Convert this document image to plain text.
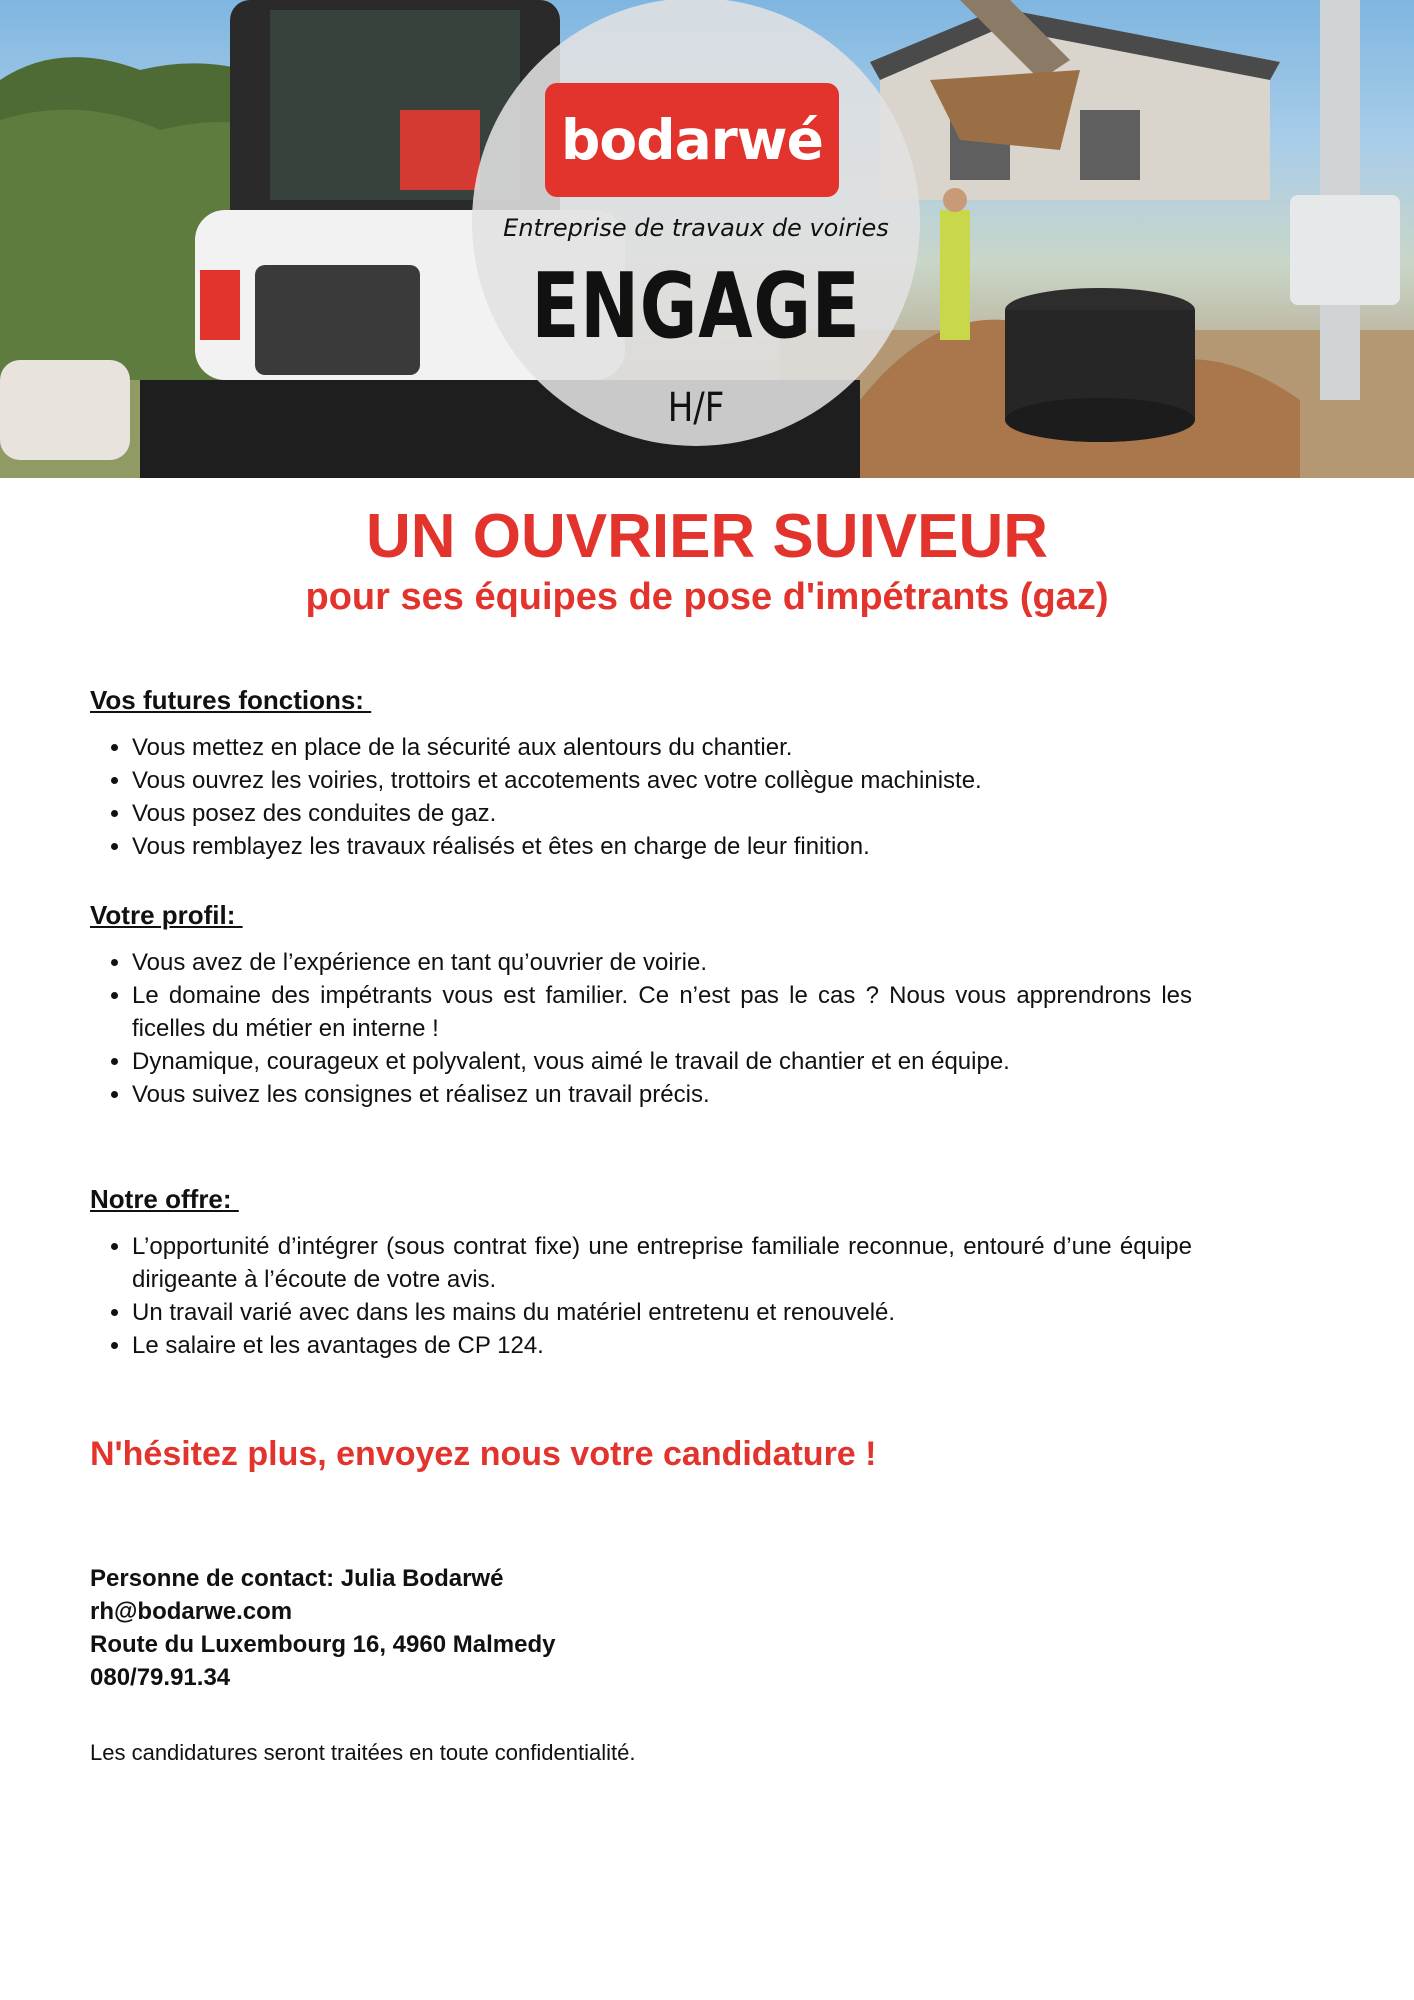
bodarwé
Entreprise de travaux de voiries
ENGAGE
H/F
UN OUVRIER SUIVEUR
pour ses équipes de pose d'impétrants (gaz)
Vos futures fonctions:
• Vous mettez en place de la sécurité aux alentours du chantier.
• Vous ouvrez les voiries, trottoirs et accotements avec votre collègue machiniste.
• Vous posez des conduites de gaz.
• Vous remblayez les travaux réalisés et êtes en charge de leur finition.
Votre profil:
• Vous avez de l’expérience en tant qu’ouvrier de voirie.
• Le domaine des impétrants vous est familier. Ce n’est pas le cas ? Nous vous apprendrons les ficelles du métier en interne !
• Dynamique, courageux et polyvalent, vous aimé le travail de chantier et en équipe.
• Vous suivez les consignes et réalisez un travail précis.
Notre offre:
• L’opportunité d’intégrer (sous contrat fixe) une entreprise familiale reconnue, entouré d’une équipe dirigeante à l’écoute de votre avis.
• Un travail varié avec dans les mains du matériel entretenu et renouvelé.
• Le salaire et les avantages de CP 124.
N'hésitez plus, envoyez nous votre candidature !
Personne de contact: Julia Bodarwé
rh@bodarwe.com
Route du Luxembourg 16, 4960 Malmedy
080/79.91.34
Les candidatures seront traitées en toute confidentialité.
